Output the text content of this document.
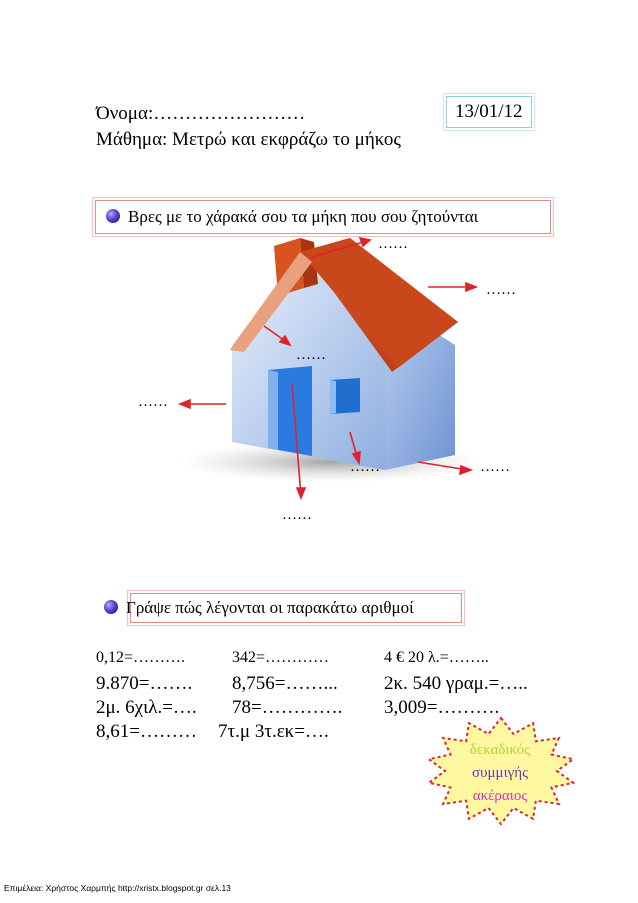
Όνομα:……………………	13/01/12
Μάθημα: Μετρώ και εκφράζω το μήκος
Βρες με το χάρακά σου τα μήκη που σου ζητούνται
……
……
……
……
……	……
……
Γράψε πώς λέγονται οι παρακάτω αριθμοί
0,12=……….	342=…………	4 € 20 λ.=……..
9.870=……. 8,756=……... 2κ. 540 γραμ.=…..
2μ. 6χιλ.=…. 78=…………. 3,009=……….
8,61=……… 7τ.μ 3τ.εκ=….
δεκαδικός
συμμιγής
ακέραιος
Επιμέλεια: Χρήστος Χαρμπής http://xristx.blogspot.gr σελ.13
